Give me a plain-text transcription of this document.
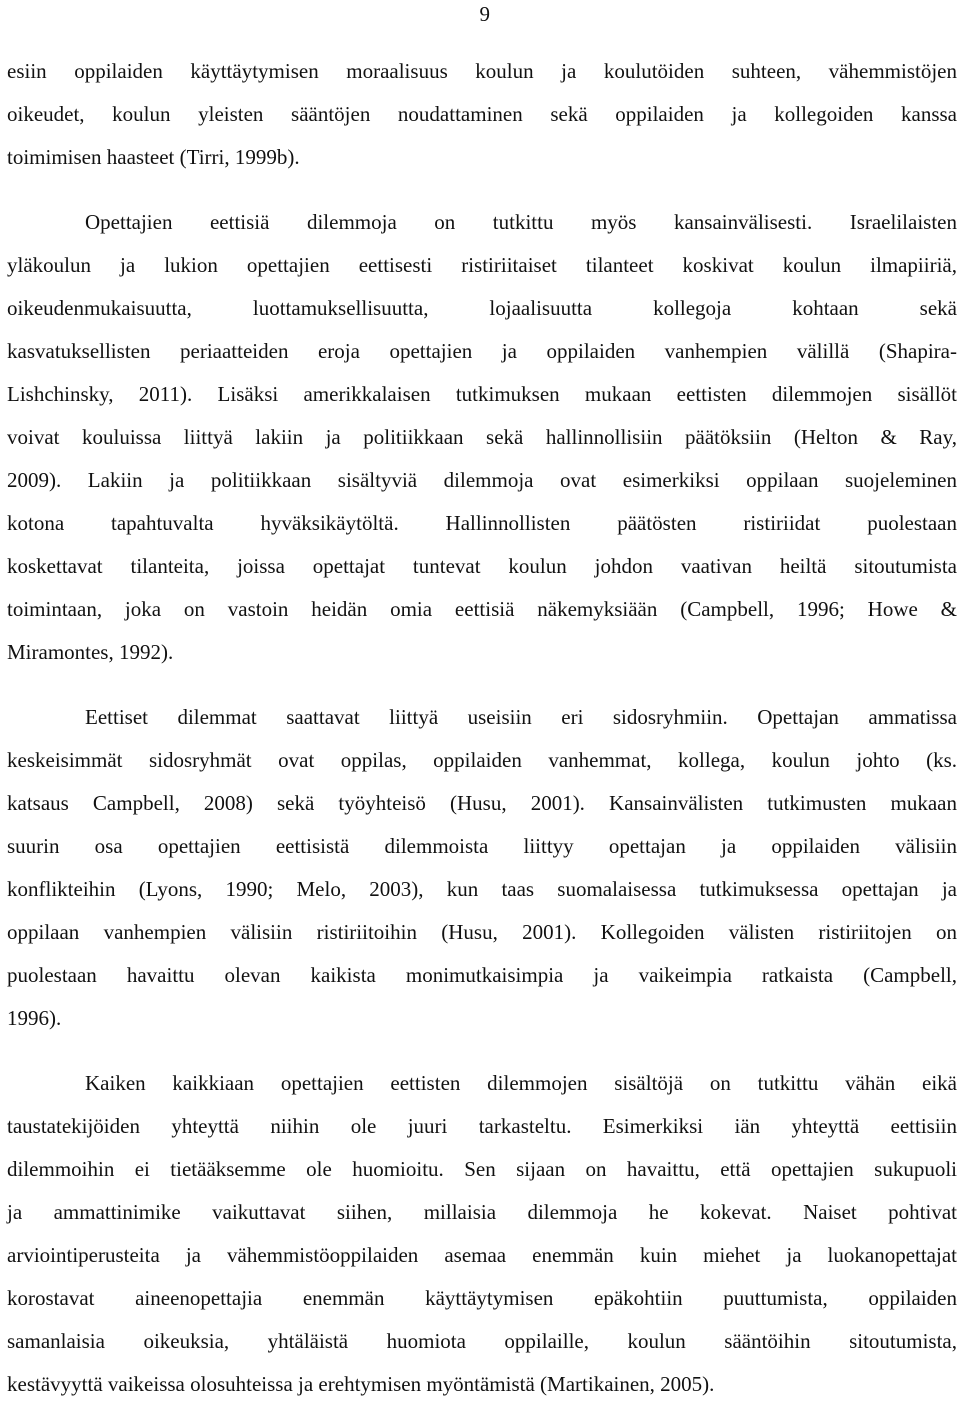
9
esiin oppilaiden käyttäytymisen moraalisuus koulun ja koulutöiden suhteen, vähemmistöjen
oikeudet, koulun yleisten sääntöjen noudattaminen sekä oppilaiden ja kollegoiden kanssa
toimimisen haasteet (Tirri, 1999b).
Opettajien eettisiä dilemmoja on tutkittu myös kansainvälisesti. Israelilaisten
yläkoulun ja lukion opettajien eettisesti ristiriitaiset tilanteet koskivat koulun ilmapiiriä,
oikeudenmukaisuutta, luottamuksellisuutta, lojaalisuutta kollegoja kohtaan sekä
kasvatuksellisten periaatteiden eroja opettajien ja oppilaiden vanhempien välillä (Shapira-
Lishchinsky, 2011). Lisäksi amerikkalaisen tutkimuksen mukaan eettisten dilemmojen sisällöt
voivat kouluissa liittyä lakiin ja politiikkaan sekä hallinnollisiin päätöksiin (Helton & Ray,
2009). Lakiin ja politiikkaan sisältyviä dilemmoja ovat esimerkiksi oppilaan suojeleminen
kotona tapahtuvalta hyväksikäytöltä. Hallinnollisten päätösten ristiriidat puolestaan
koskettavat tilanteita, joissa opettajat tuntevat koulun johdon vaativan heiltä sitoutumista
toimintaan, joka on vastoin heidän omia eettisiä näkemyksiään (Campbell, 1996; Howe &
Miramontes, 1992).
Eettiset dilemmat saattavat liittyä useisiin eri sidosryhmiin. Opettajan ammatissa
keskeisimmät sidosryhmät ovat oppilas, oppilaiden vanhemmat, kollega, koulun johto (ks.
katsaus Campbell, 2008) sekä työyhteisö (Husu, 2001). Kansainvälisten tutkimusten mukaan
suurin osa opettajien eettisistä dilemmoista liittyy opettajan ja oppilaiden välisiin
konflikteihin (Lyons, 1990; Melo, 2003), kun taas suomalaisessa tutkimuksessa opettajan ja
oppilaan vanhempien välisiin ristiriitoihin (Husu, 2001). Kollegoiden välisten ristiriitojen on
puolestaan havaittu olevan kaikista monimutkaisimpia ja vaikeimpia ratkaista (Campbell,
1996).
Kaiken kaikkiaan opettajien eettisten dilemmojen sisältöjä on tutkittu vähän eikä
taustatekijöiden yhteyttä niihin ole juuri tarkasteltu. Esimerkiksi iän yhteyttä eettisiin
dilemmoihin ei tietääksemme ole huomioitu. Sen sijaan on havaittu, että opettajien sukupuoli
ja ammattinimike vaikuttavat siihen, millaisia dilemmoja he kokevat. Naiset pohtivat
arviointiperusteita ja vähemmistöoppilaiden asemaa enemmän kuin miehet ja luokanopettajat
korostavat aineenopettajia enemmän käyttäytymisen epäkohtiin puuttumista, oppilaiden
samanlaisia oikeuksia, yhtäläistä huomiota oppilaille, koulun sääntöihin sitoutumista,
kestävyyttä vaikeissa olosuhteissa ja erehtymisen myöntämistä (Martikainen, 2005).
